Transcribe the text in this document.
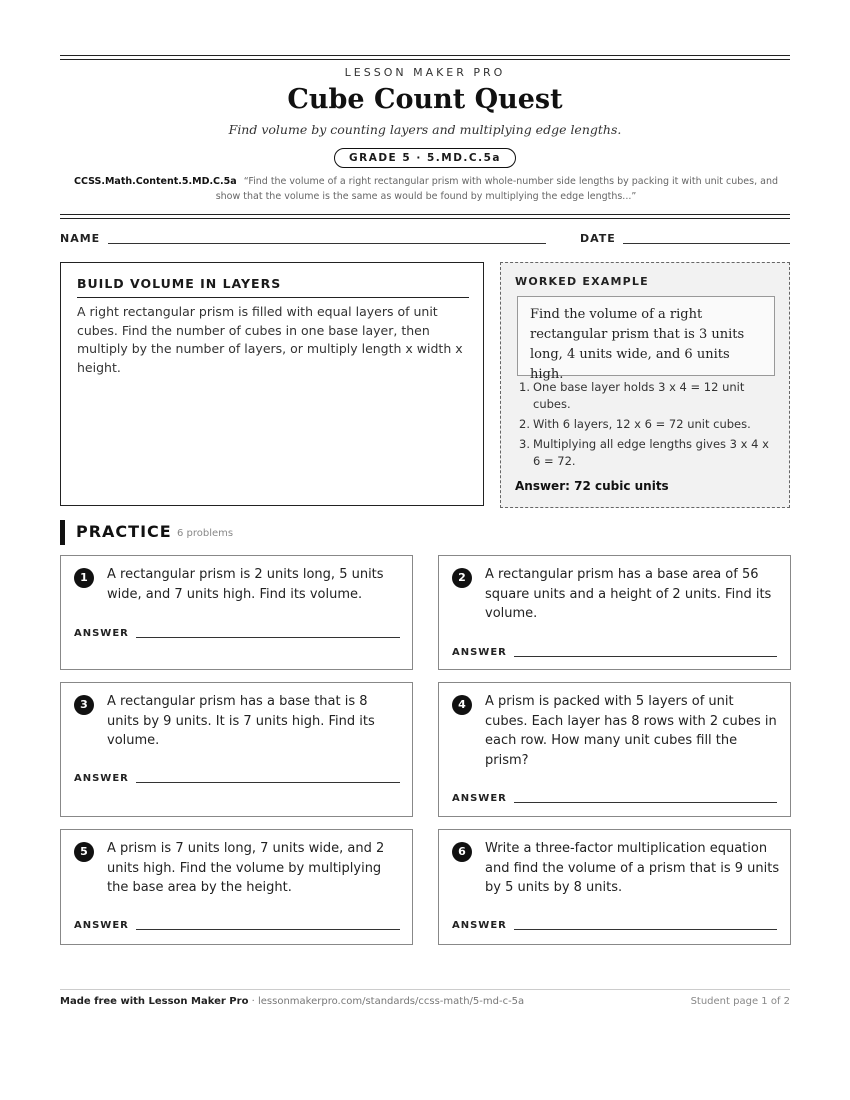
LESSON MAKER PRO
Cube Count Quest
Find volume by counting layers and multiplying edge lengths.
GRADE 5 · 5.MD.C.5a
CCSS.Math.Content.5.MD.C.5a “Find the volume of a right rectangular prism with whole-number side lengths by packing it with unit cubes, and show that the volume is the same as would be found by multiplying the edge lengths...”
NAME	DATE
BUILD VOLUME IN LAYERS
A right rectangular prism is filled with equal layers of unit cubes. Find the number of cubes in one base layer, then multiply by the number of layers, or multiply length x width x height.
WORKED EXAMPLE
Find the volume of a right rectangular prism that is 3 units long, 4 units wide, and 6 units high.
1. One base layer holds 3 x 4 = 12 unit cubes.
2. With 6 layers, 12 x 6 = 72 unit cubes.
3. Multiplying all edge lengths gives 3 x 4 x 6 = 72.
Answer: 72 cubic units
PRACTICE 6 problems
1	A rectangular prism is 2 units long, 5 units wide, and 7 units high. Find its volume.
ANSWER
2	A rectangular prism has a base area of 56 square units and a height of 2 units. Find its volume.
ANSWER
3	A rectangular prism has a base that is 8 units by 9 units. It is 7 units high. Find its volume.
ANSWER
4	A prism is packed with 5 layers of unit cubes. Each layer has 8 rows with 2 cubes in each row. How many unit cubes fill the prism?
ANSWER
5	A prism is 7 units long, 7 units wide, and 2 units high. Find the volume by multiplying the base area by the height.
ANSWER
6	Write a three-factor multiplication equation and find the volume of a prism that is 9 units by 5 units by 8 units.
ANSWER
Made free with Lesson Maker Pro · lessonmakerpro.com/standards/ccss-math/5-md-c-5a	Student page 1 of 2
